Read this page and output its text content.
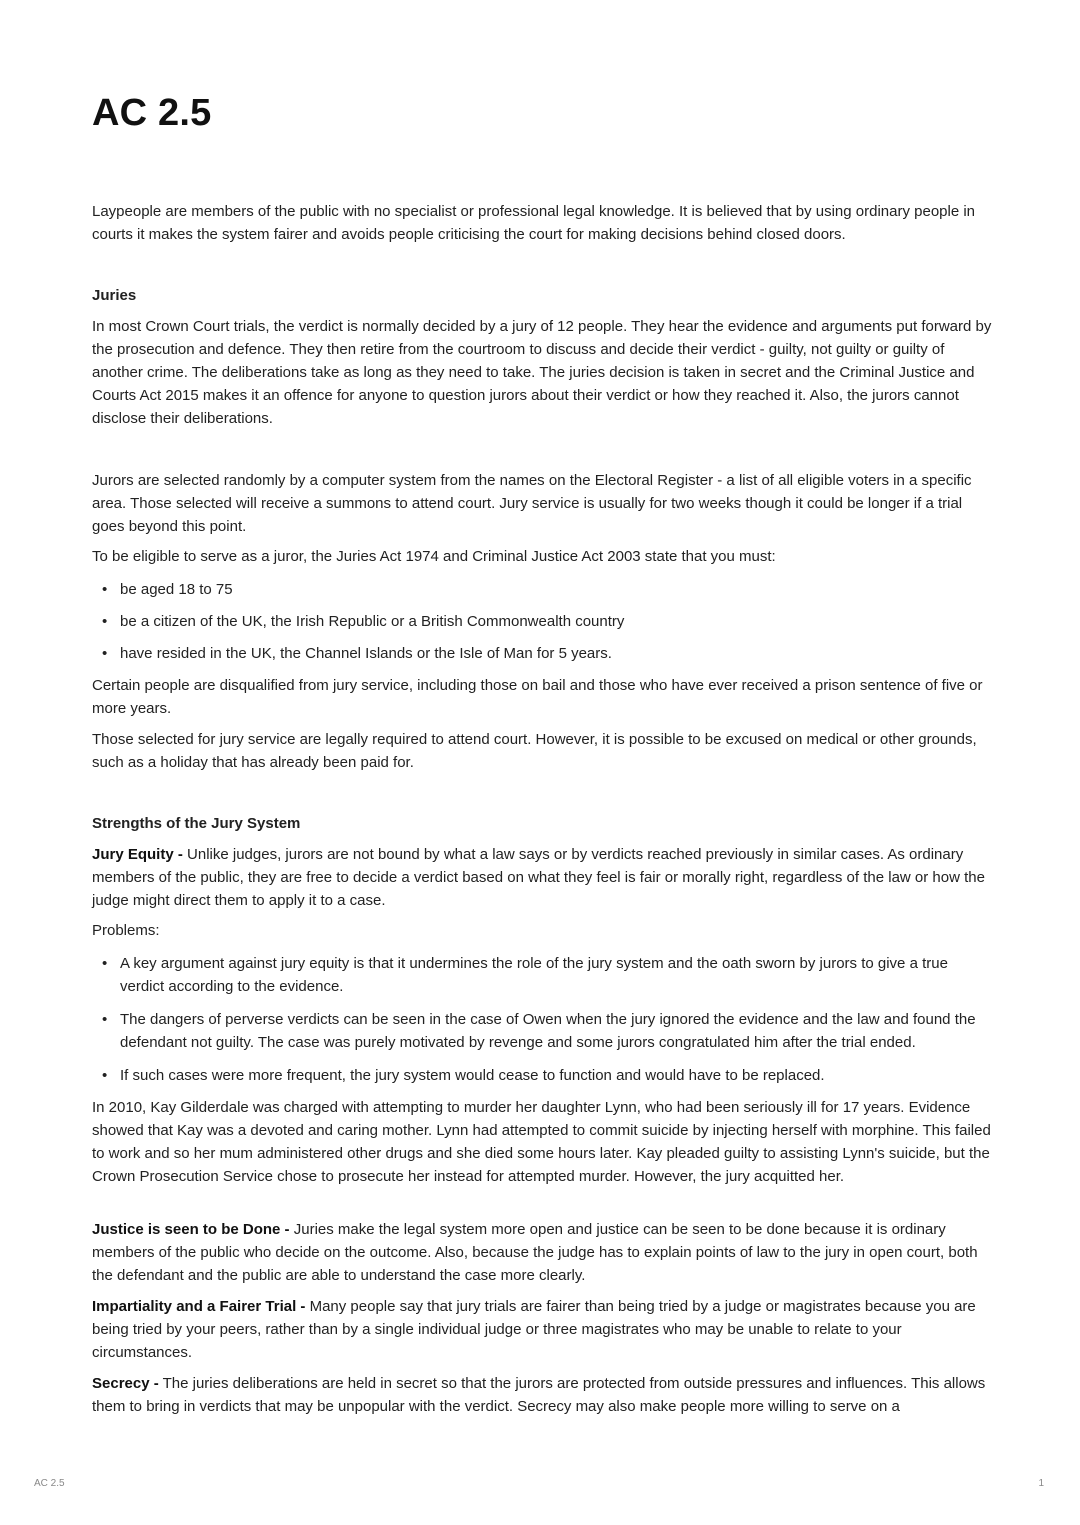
AC 2.5

Laypeople are members of the public with no specialist or professional legal knowledge. It is believed that by using ordinary people in courts it makes the system fairer and avoids people criticising the court for making decisions behind closed doors.

Juries

In most Crown Court trials, the verdict is normally decided by a jury of 12 people. They hear the evidence and arguments put forward by the prosecution and defence. They then retire from the courtroom to discuss and decide their verdict - guilty, not guilty or guilty of another crime. The deliberations take as long as they need to take. The juries decision is taken in secret and the Criminal Justice and Courts Act 2015 makes it an offence for anyone to question jurors about their verdict or how they reached it. Also, the jurors cannot disclose their deliberations.

Jurors are selected randomly by a computer system from the names on the Electoral Register - a list of all eligible voters in a specific area. Those selected will receive a summons to attend court. Jury service is usually for two weeks though it could be longer if a trial goes beyond this point.

To be eligible to serve as a juror, the Juries Act 1974 and Criminal Justice Act 2003 state that you must:

• be aged 18 to 75
• be a citizen of the UK, the Irish Republic or a British Commonwealth country
• have resided in the UK, the Channel Islands or the Isle of Man for 5 years.

Certain people are disqualified from jury service, including those on bail and those who have ever received a prison sentence of five or more years.

Those selected for jury service are legally required to attend court. However, it is possible to be excused on medical or other grounds, such as a holiday that has already been paid for.

Strengths of the Jury System

Jury Equity - Unlike judges, jurors are not bound by what a law says or by verdicts reached previously in similar cases. As ordinary members of the public, they are free to decide a verdict based on what they feel is fair or morally right, regardless of the law or how the judge might direct them to apply it to a case.

Problems:

• A key argument against jury equity is that it undermines the role of the jury system and the oath sworn by jurors to give a true verdict according to the evidence.
• The dangers of perverse verdicts can be seen in the case of Owen when the jury ignored the evidence and the law and found the defendant not guilty. The case was purely motivated by revenge and some jurors congratulated him after the trial ended.
• If such cases were more frequent, the jury system would cease to function and would have to be replaced.

In 2010, Kay Gilderdale was charged with attempting to murder her daughter Lynn, who had been seriously ill for 17 years. Evidence showed that Kay was a devoted and caring mother. Lynn had attempted to commit suicide by injecting herself with morphine. This failed to work and so her mum administered other drugs and she died some hours later. Kay pleaded guilty to assisting Lynn's suicide, but the Crown Prosecution Service chose to prosecute her instead for attempted murder. However, the jury acquitted her.

Justice is seen to be Done - Juries make the legal system more open and justice can be seen to be done because it is ordinary members of the public who decide on the outcome. Also, because the judge has to explain points of law to the jury in open court, both the defendant and the public are able to understand the case more clearly.

Impartiality and a Fairer Trial - Many people say that jury trials are fairer than being tried by a judge or magistrates because you are being tried by your peers, rather than by a single individual judge or three magistrates who may be unable to relate to your circumstances.

Secrecy - The juries deliberations are held in secret so that the jurors are protected from outside pressures and influences. This allows them to bring in verdicts that may be unpopular with the verdict. Secrecy may also make people more willing to serve on a

AC 2.5	1
